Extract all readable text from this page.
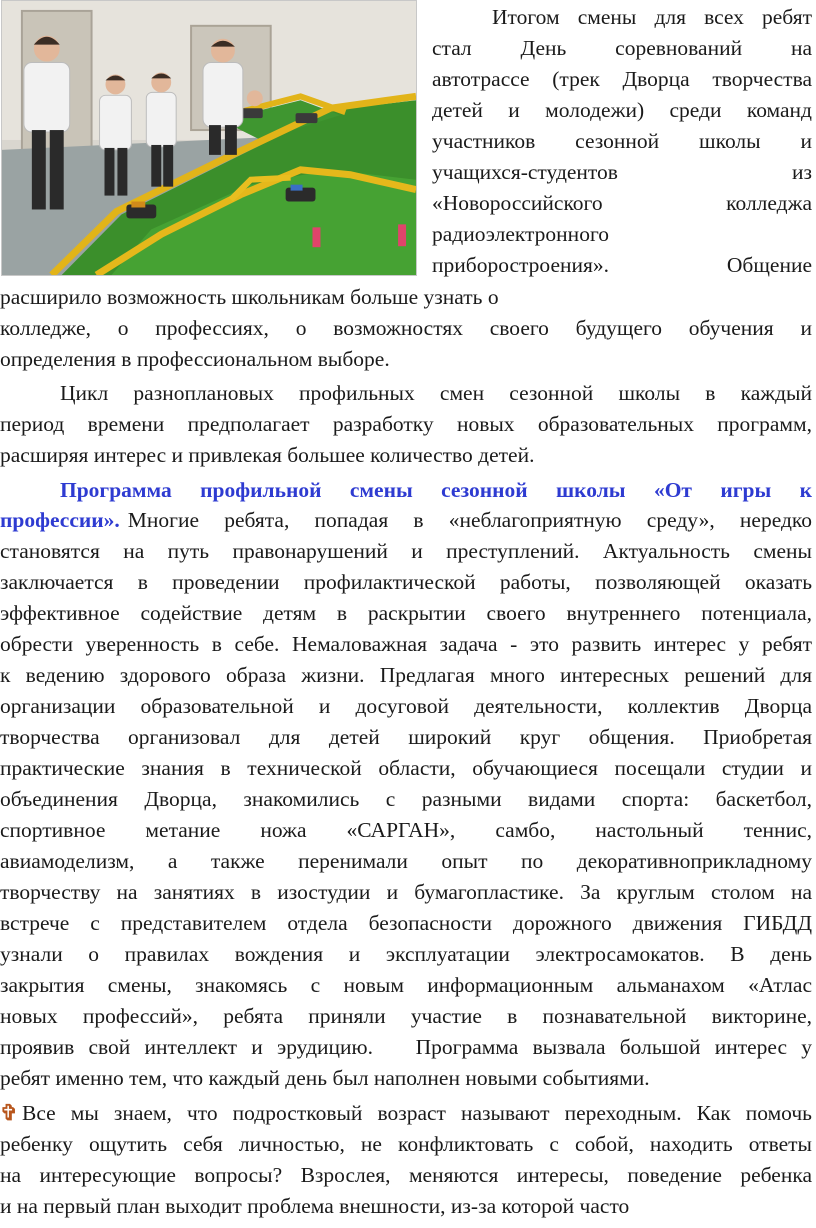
Итогом смены для всех ребят
стал День соревнований на
автотрассе (трек Дворца творчества
детей и молодежи) среди команд
участников сезонной школы и
учащихся-студентов из
«Новороссийского колледжа
радиоэлектронного
приборостроения». Общение
расширило возможность школьникам больше узнать о
колледже, о профессиях, о возможностях своего будущего обучения и
определения в профессиональном выборе.
Цикл разноплановых профильных смен сезонной школы в каждый
период времени предполагает разработку новых образовательных программ,
расширяя интерес и привлекая большее количество детей.
Программа профильной смены сезонной школы «От игры к
профессии». Многие ребята, попадая в «неблагоприятную среду», нередко
становятся на путь правонарушений и преступлений. Актуальность смены
заключается в проведении профилактической работы, позволяющей оказать
эффективное содействие детям в раскрытии своего внутреннего потенциала,
обрести уверенность в себе. Немаловажная задача - это развить интерес у ребят
к ведению здорового образа жизни. Предлагая много интересных решений для
организации образовательной и досуговой деятельности, коллектив Дворца
творчества организовал для детей широкий круг общения. Приобретая
практические знания в технической области, обучающиеся посещали студии и
объединения Дворца, знакомились с разными видами спорта: баскетбол,
спортивное метание ножа «САРГАН», самбо, настольный теннис,
авиамоделизм, а также перенимали опыт по декоративноприкладному
творчеству на занятиях в изостудии и бумагопластике. За круглым столом на
встрече с представителем отдела безопасности дорожного движения ГИБДД
узнали о правилах вождения и эксплуатации электросамокатов. В день
закрытия смены, знакомясь с новым информационным альманахом «Атлас
новых профессий», ребята приняли участие в познавательной викторине,
проявив свой интеллект и эрудицию.   Программа вызвала большой интерес у
ребят именно тем, что каждый день был наполнен новыми событиями.
✞ Все мы знаем, что подростковый возраст называют переходным. Как помочь
ребенку ощутить себя личностью, не конфликтовать с собой, находить ответы
на интересующие вопросы? Взрослея, меняются интересы, поведение ребенка
и на первый план выходит проблема внешности, из-за которой часто
